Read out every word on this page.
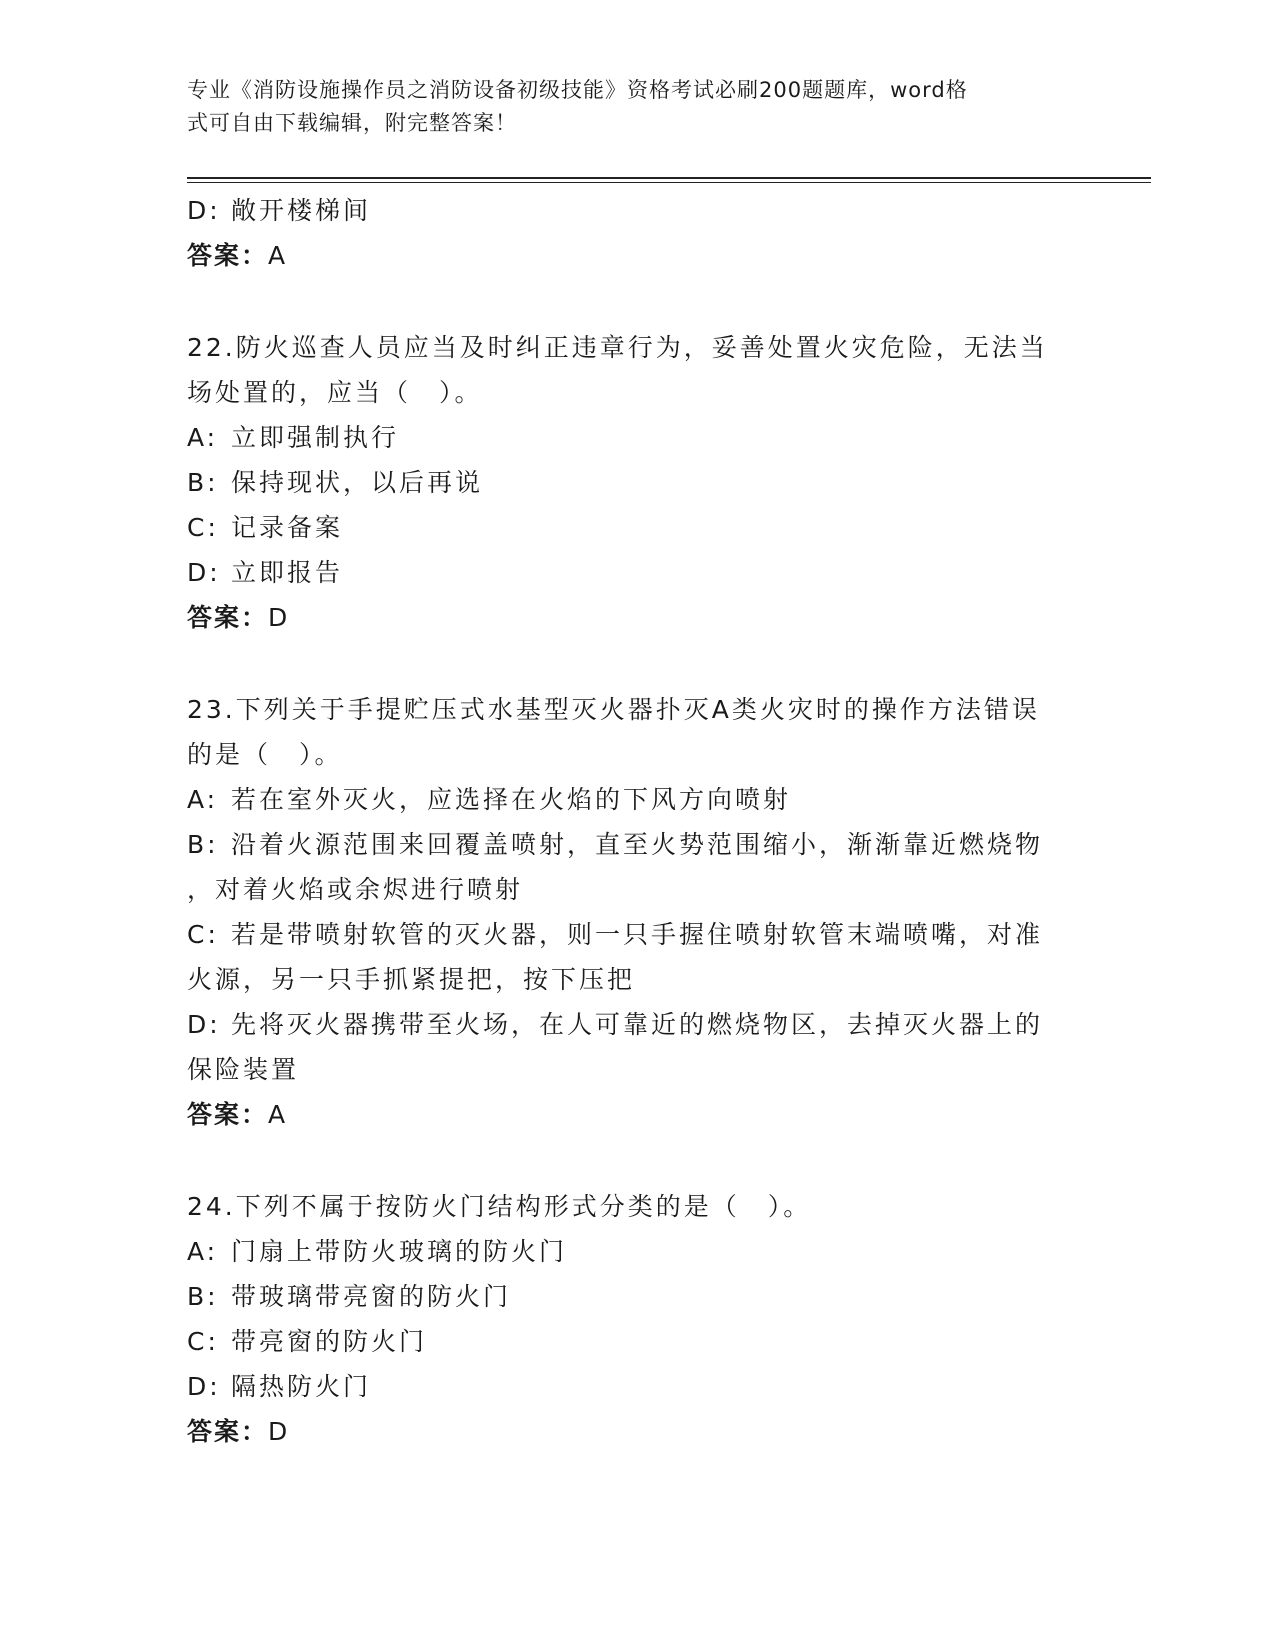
专业《消防设施操作员之消防设备初级技能》资格考试必刷200题题库，word格
式可自由下载编辑，附完整答案！
D: 敞开楼梯间
答案：A
22.防火巡查人员应当及时纠正违章行为，妥善处置火灾危险，无法当
场处置的，应当（　）。
A: 立即强制执行
B: 保持现状，以后再说
C: 记录备案
D: 立即报告
答案：D
23.下列关于手提贮压式水基型灭火器扑灭A类火灾时的操作方法错误
的是（　）。
A: 若在室外灭火，应选择在火焰的下风方向喷射
B: 沿着火源范围来回覆盖喷射，直至火势范围缩小，渐渐靠近燃烧物
，对着火焰或余烬进行喷射
C: 若是带喷射软管的灭火器，则一只手握住喷射软管末端喷嘴，对准
火源，另一只手抓紧提把，按下压把
D: 先将灭火器携带至火场，在人可靠近的燃烧物区，去掉灭火器上的
保险装置
答案：A
24.下列不属于按防火门结构形式分类的是（　）。
A: 门扇上带防火玻璃的防火门
B: 带玻璃带亮窗的防火门
C: 带亮窗的防火门
D: 隔热防火门
答案：D
